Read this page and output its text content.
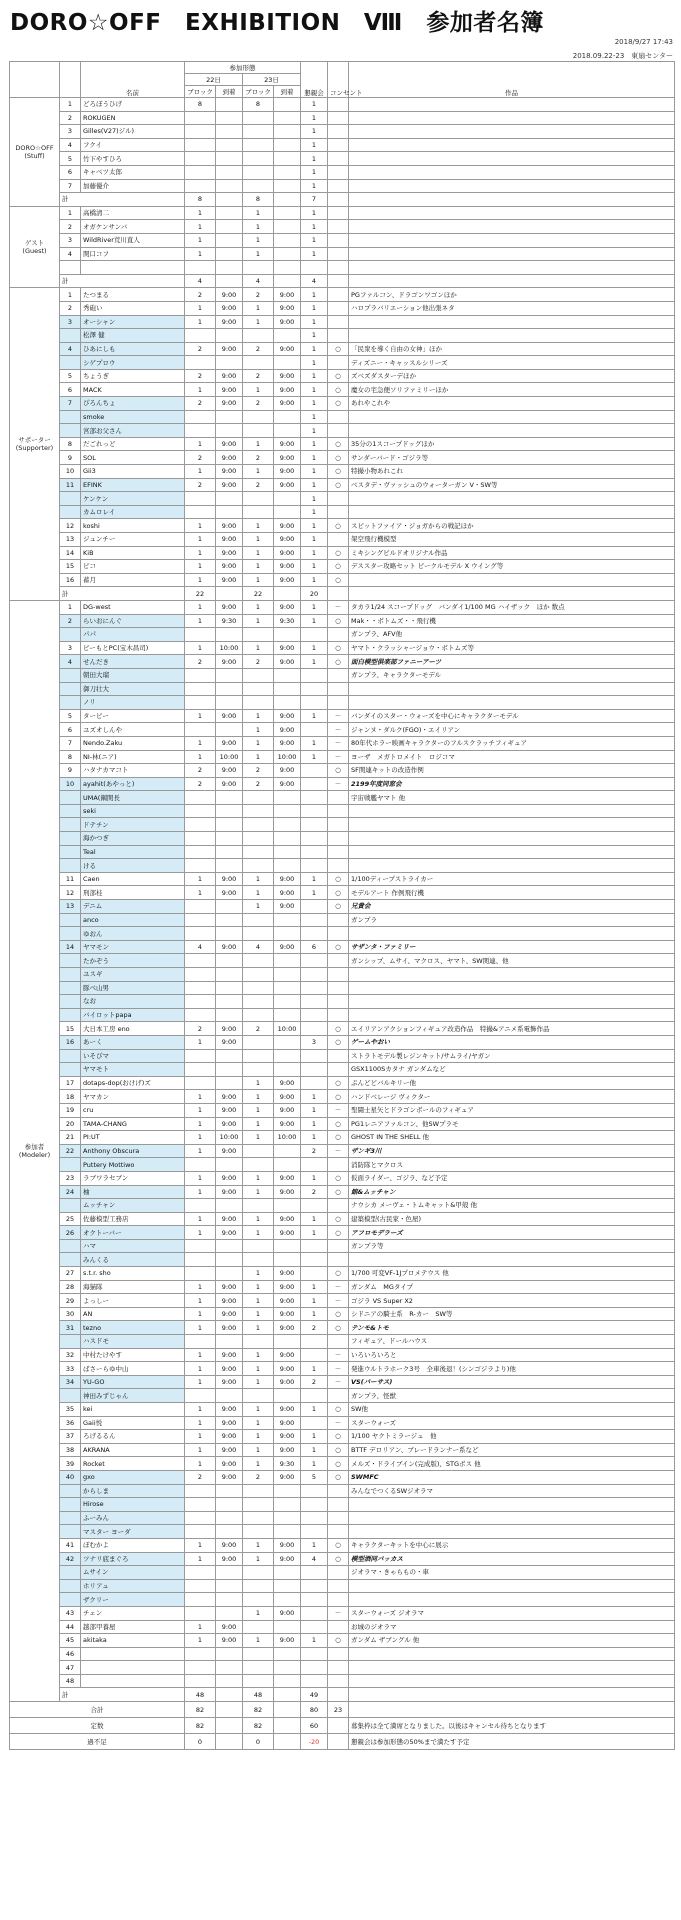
DORO☆OFF　EXHIBITION　Ⅷ　参加者名簿
2018/9/27 17:43
2018.09.22-23　東扇センター
		名前	参加形態				懇親会	コンセント	作品
			22日		23日				
			ブロック	到着	ブロック	到着			
DORO☆OFF
(Stuff)	1	どろぼうひげ	8		8		1		
	2	ROKUGEN					1		
	3	Gilles(V27)ジル)					1		
	4	フクイ					1		
	5	竹下やすひろ					1		
	6	キャベツ太郎					1		
	7	加藤優介					1		
	計		8		8		7		
ゲスト
(Guest)	1	高橋清二	1		1		1		
	2	オガケンサンバ	1		1		1		
	3	WildRiver荒川直人	1		1		1		
	4	関口コフ	1		1		1		

	計		4		4		4		
サポーター
(Supporter)	1	たつまる	2	9:00	2	9:00	1		PGファルコン、ドラゴンワゴンほか
	2	秀砲い	1	9:00	1	9:00	1		ハロプラバリエーション他出張ネタ
	3	オーシャン	1	9:00	1	9:00	1		
		松澤 健					1		
	4	ひあにしも	2	9:00	2	9:00	1	○	「民衆を導く自由の女神」ほか
		シゲプロウ					1		ディズニー・キャッスルシリーズ
	5	ちょうぎ	2	9:00	2	9:00	1	○	ズベズダスターデほか
	6	MACK	1	9:00	1	9:00	1	○	魔女の宅急便ソリファミリーほか
	7	ぴろんちょ	2	9:00	2	9:00	1	○	あれやこれや
		smoke					1		
		宮部お父さん					1		
	8	だごれっど	1	9:00	1	9:00	1	○	35分の1スコープドッグほか
	9	SOL	2	9:00	2	9:00	1	○	サンダーバード・ゴジラ等
	10	Gii3	1	9:00	1	9:00	1	○	特撮小物あれこれ
	11	EFINK	2	9:00	2	9:00	1	○	ベスタデ・ヴァッシュのウォーターガン V・SW等
		ケンケン					1		
		カムロレイ					1		
	12	koshi	1	9:00	1	9:00	1	○	スピットファイア・ジョガからの戦記ほか
	13	ジュンチー	1	9:00	1	9:00	1		架空飛行機模型
	14	KiB	1	9:00	1	9:00	1	○	ミキシングビルドオリジナル作品
	15	ピコ	1	9:00	1	9:00	1	○	デススター攻略セット ビークルモデル X ウイング等
	16	蓄月	1	9:00	1	9:00	1	○	
	計		22		22		20		
参加者
(Modeler)	1	DG-west	1	9:00	1	9:00	1	－	タカラ1/24 スコープドッグ　バンダイ1/100 MG ハイザック　ほか 数点
	2	らいおにんぐ	1	9:30	1	9:30	1	○	Mak・・ボトムズ・・飛行機
		パパ							ガンプラ、AFV他
	3	ビーもとPC(宝木昌司)	1	10:00	1	9:00	1	○	ヤマト・クラッシャージョウ・ボトムズ等
	4	せんだき	2	9:00	2	9:00	1	○	面白模型倶楽部ファニーアーツ
		朝田大瑠							ガンプラ、キャラクターモデル
		御刀壮大							
		ノリ							
	5	ターピー	1	9:00	1	9:00	1	－	バンダイのスター・ウォーズを中心にキャラクターモデル
	6	ユズオしんや			1	9:00		－	ジャンヌ・ダルク(FGO)・エイリアン
	7	Nendo.Zaku	1	9:00	1	9:00	1	－	80年代ホラー映画キャラクターのフルスクラッチフィギュア
	8	NI-林(ニア)	1	10:00	1	10:00	1	－	ヨーザ　メガトロメイト　ロジコマ
	9	ハタナカマコト	2	9:00	2	9:00		○	SF関連キットの改造作例
	10	ayahit(あやっと)	2	9:00	2	9:00		－	2199年度同窓会
		UMA(鋼関長							宇宙戦艦ヤマト 他
		seki							
		ドテチン							
		海かつぎ							
		Teal							
		ける							
	11	Caen	1	9:00	1	9:00	1	○	1/100ディープストライカー
	12	刑部桂	1	9:00	1	9:00	1	○	モデルアート 作例飛行機
	13	デニム			1	9:00		○	兄貴会
		anco							ガンプラ
		ゆおん							
	14	ヤマモン	4	9:00	4	9:00	6	○	サザンタ・ファミリー
		たかぞう							ガンシップ、ムサイ、マクロス、ヤマト、SW関連、他
		ユスギ							
		豚べ山男							
		なお							
		バイロットpapa							
	15	大日本工房 eno	2	9:00	2	10:00		○	エイリアンアクションフィギュア改造作品　特撮&アニメ系電飾作品
	16	あーく	1	9:00			3	○	ゲームやおい
		いそぴマ							ストラトモデル製レジンキット/サムライ/ヤガン
		ヤマモト							GSX1100Sカタナ ガンダムなど
	17	dotaps-dop(おけげ)ズ			1	9:00		○	ぷんどどバルキリー他
	18	ヤマカン	1	9:00	1	9:00	1	○	ハンドベレージ ヴィクター
	19	cru	1	9:00	1	9:00	1	－	聖闘士星矢とドラゴンボールのフィギュア
	20	TAMA-CHANG	1	9:00	1	9:00	1	○	PG1レニアファルコン、他SWプラモ
	21	PI:UT	1	10:00	1	10:00	1	○	GHOST IN THE SHELL 他
	22	Anthony Obscura	1	9:00			2	－	ザンギ3川
		Puttery Mottiwo							消防隊とマクロス
	23	ラブワラセブン	1	9:00	1	9:00	1	○	仮面ライダー、ゴジラ、など予定
	24	柚	1	9:00	1	9:00	2	○	館&ムッチャン
		ムッチャン							ナウシカ メーヴェ・トムキャット&甲殻 他
	25	佐藤模型工務店	1	9:00	1	9:00	1	○	建築模型(古民家・色屋)
	26	オクトーバー	1	9:00	1	9:00	1	○	アフロモデラーズ
		ハマ							ガンプラ等
		みんくる							
	27	s.t.r. sho			1	9:00		○	1/700 可変VF-1Jプロメテウス 他
	28	海猫隊	1	9:00	1	9:00	1	－	ガンダム　MGタイプ
	29	よっしー	1	9:00	1	9:00	1	－	ゴジラ VS Super X2
	30	AN	1	9:00	1	9:00	1	○	シドニアの騎士系　R-カー　SW等
	31	tezno	1	9:00	1	9:00	2	○	テンモ&トモ
		ハスドモ							フィギュア、ドールハウス
	32	中村たけやす	1	9:00	1	9:00		－	いろいろいろと
	33	ばさーらゆ中山	1	9:00	1	9:00	1	－	発進ウルトラホーク3号　全車後退！(シンゴジラより)他
	34	YU-GO	1	9:00	1	9:00	2	－	VS(バーサス)
		神田みずじゃん							ガンプラ、怪獣
	35	kei	1	9:00	1	9:00	1	○	SW他
	36	Gaii悦	1	9:00	1	9:00		－	スターウォーズ
	37	ろげるるん	1	9:00	1	9:00	1	○	1/100 ヤクトミラージュ　他
	38	AKRANA	1	9:00	1	9:00	1	○	BTTF デロリアン、ブレードランナー系など
	39	Rocket	1	9:00	1	9:30	1	○	メルズ・ドライブイン(完成版)、STGボス 他
	40	gxo	2	9:00	2	9:00	5	○	SWMFC
		からしま							みんなでつくるSWジオラマ
		Hirose							
		ふーみん							
		マスター ヨーダ							
	41	ぽむかよ	1	9:00	1	9:00	1	○	キャラクターキットを中心に展示
	42	ツナリ底まぐろ	1	9:00	1	9:00	4	○	模型酒同バッカス
		ムサイン							ジオラマ・きゃらもの・車
		ホリアュ							
		ザクリー							
	43	チェン			1	9:00		－	スターウォーズ ジオラマ
	44	越部甲養屋	1	9:00					お城のジオラマ
	45	akitaka	1	9:00	1	9:00	1	○	ガンダム ザブングル 他
	46								
	47								
	48								
	計		48		48		49		
合計			82		82		80	23	
定数			82		82		60		募集枠は全て満席となりました。以後はキャンセル待ちとなります
過不足			0		0		-20		懇親会は参加形態の50%まで満たす予定
